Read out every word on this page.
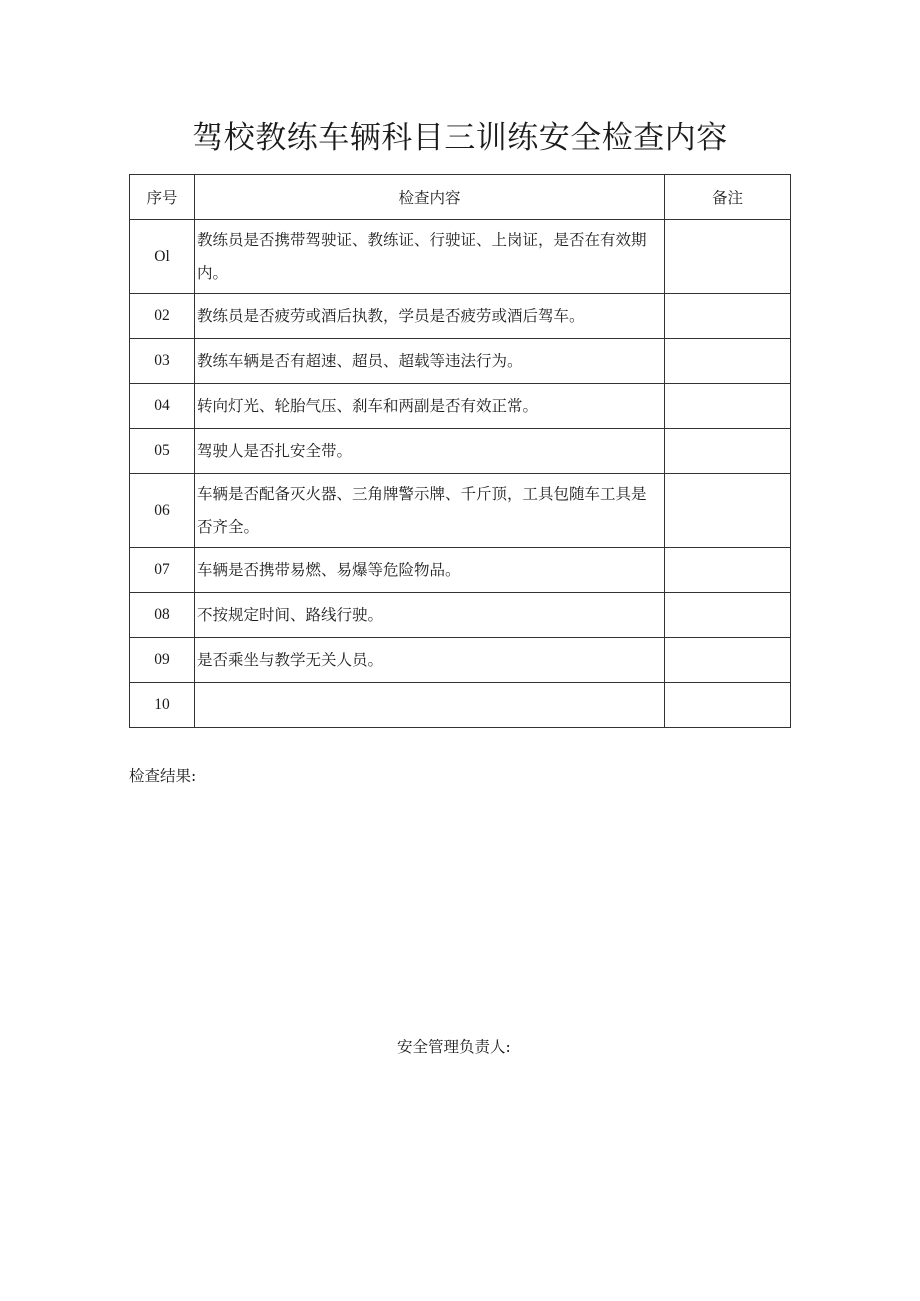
驾校教练车辆科目三训练安全检查内容
序号	检查内容	备注
Ol	教练员是否携带驾驶证、教练证、行驶证、上岗证，是否在有效期内。	
02	教练员是否疲劳或酒后执教，学员是否疲劳或酒后驾车。	
03	教练车辆是否有超速、超员、超载等违法行为。	
04	转向灯光、轮胎气压、刹车和两副是否有效正常。	
05	驾驶人是否扎安全带。	
06	车辆是否配备灭火器、三角牌警示牌、千斤顶，工具包随车工具是否齐全。	
07	车辆是否携带易燃、易爆等危险物品。	
08	不按规定时间、路线行驶。	
09	是否乘坐与教学无关人员。	
10		
检查结果:
安全管理负责人:
